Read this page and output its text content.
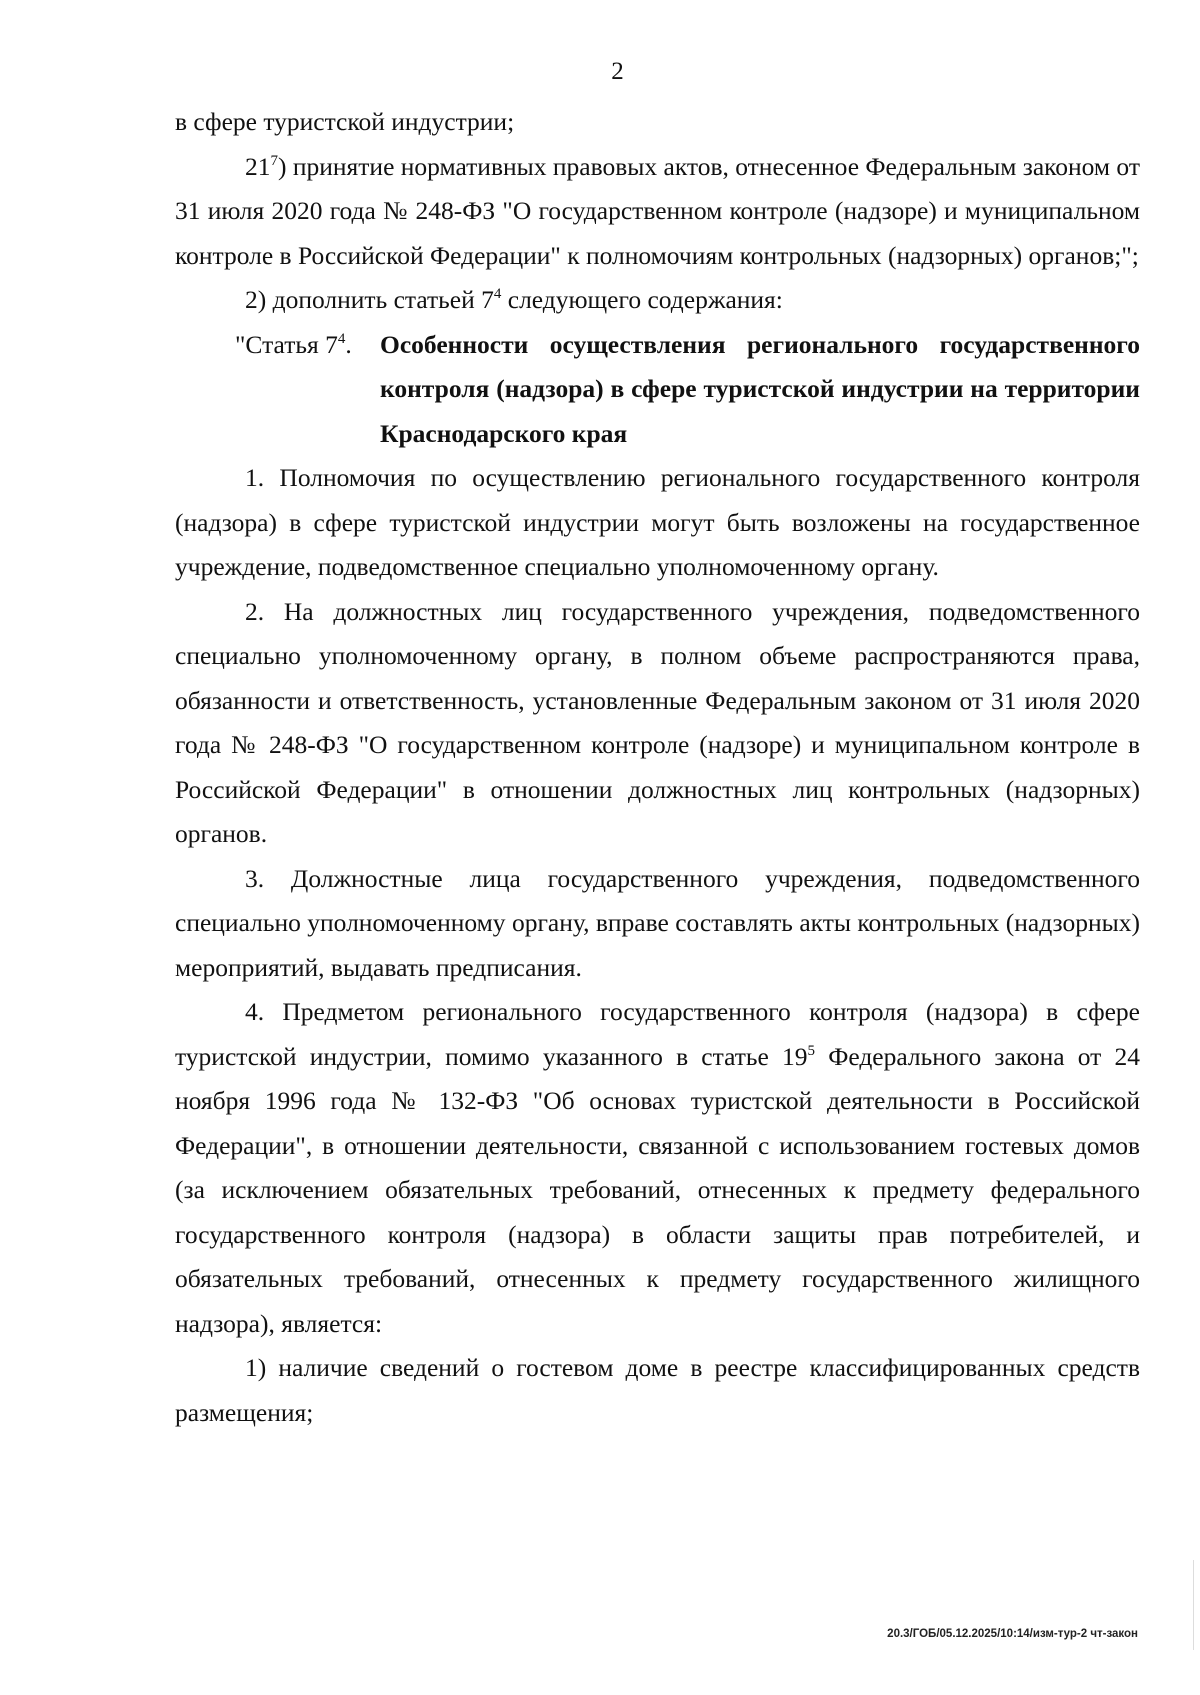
2

в сфере туристской индустрии;

$21^7$) принятие нормативных правовых актов, отнесенное Федеральным законом от 31 июля 2020 года № 248-ФЗ "О государственном контроле (надзоре) и муниципальном контроле в Российской Федерации" к полномочиям контрольных (надзорных) органов;";

2) дополнить статьей $7^4$ следующего содержания:

"Статья $7^4$.	Особенности осуществления регионального государственного контроля (надзора) в сфере туристской индустрии на территории Краснодарского края

1. Полномочия по осуществлению регионального государственного контроля (надзора) в сфере туристской индустрии могут быть возложены на государственное учреждение, подведомственное специально уполномоченному органу.

2. На должностных лиц государственного учреждения, подведомственного специально уполномоченному органу, в полном объеме распространяются права, обязанности и ответственность, установленные Федеральным законом от 31 июля 2020 года № 248-ФЗ "О государственном контроле (надзоре) и муниципальном контроле в Российской Федерации" в отношении должностных лиц контрольных (надзорных) органов.

3. Должностные лица государственного учреждения, подведомственного специально уполномоченному органу, вправе составлять акты контрольных (надзорных) мероприятий, выдавать предписания.

4. Предметом регионального государственного контроля (надзора) в сфере туристской индустрии, помимо указанного в статье $19^5$ Федерального закона от 24 ноября 1996 года № 132-ФЗ "Об основах туристской деятельности в Российской Федерации", в отношении деятельности, связанной с использованием гостевых домов (за исключением обязательных требований, отнесенных к предмету федерального государственного контроля (надзора) в области защиты прав потребителей, и обязательных требований, отнесенных к предмету государственного жилищного надзора), является:

1) наличие сведений о гостевом доме в реестре классифицированных средств размещения;

20.3/ГОБ/05.12.2025/10:14/изм-тур-2 чт-закон
